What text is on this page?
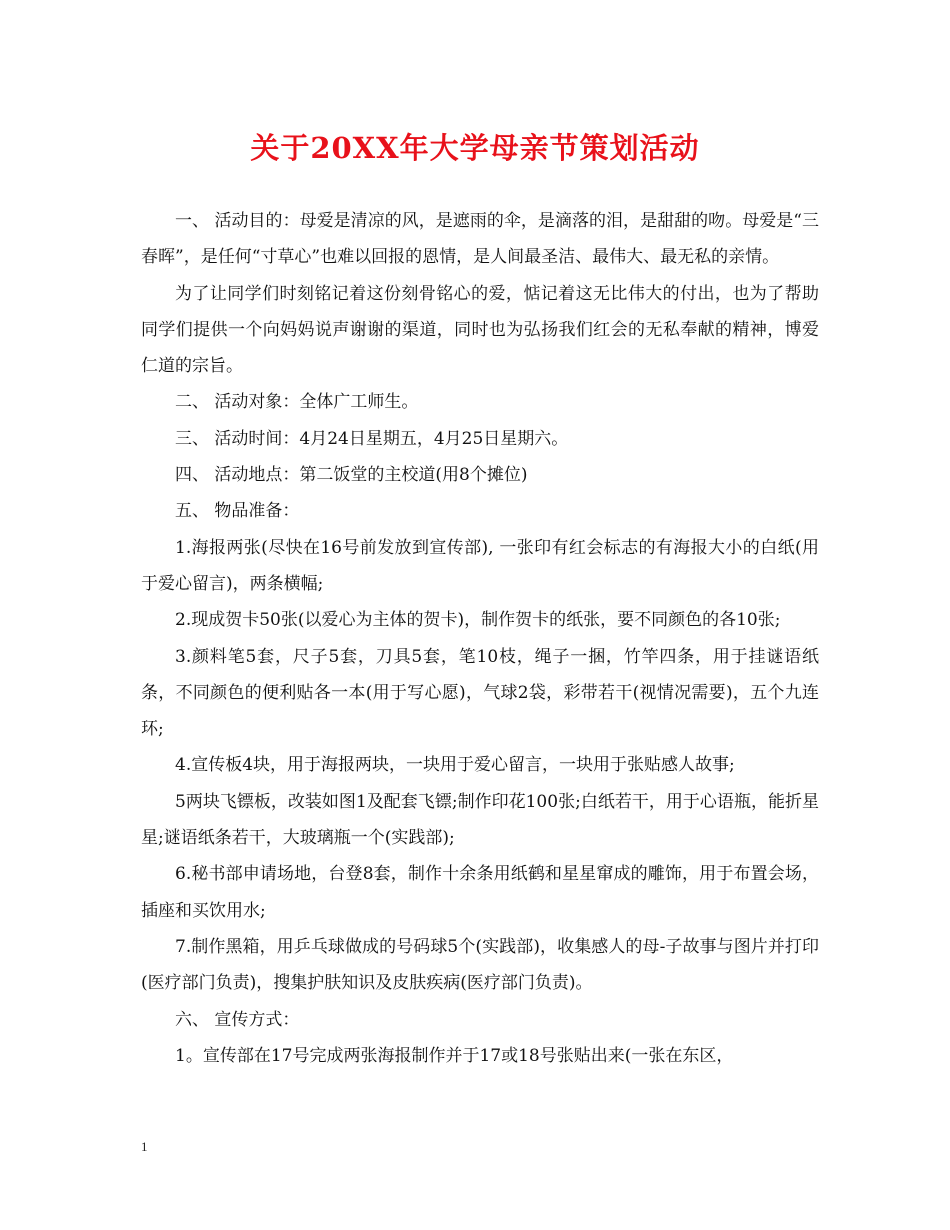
关于20XX年大学母亲节策划活动

一、 活动目的：母爱是清凉的风，是遮雨的伞，是滴落的泪，是甜甜的吻。母爱是“三春晖”，是任何“寸草心”也难以回报的恩情，是人间最圣洁、最伟大、最无私的亲情。

为了让同学们时刻铭记着这份刻骨铭心的爱，惦记着这无比伟大的付出，也为了帮助同学们提供一个向妈妈说声谢谢的渠道，同时也为弘扬我们红会的无私奉献的精神，博爱仁道的宗旨。

二、 活动对象：全体广工师生。

三、 活动时间：4月24日星期五，4月25日星期六。

四、 活动地点：第二饭堂的主校道(用8个摊位)

五、 物品准备：

1.海报两张(尽快在16号前发放到宣传部), 一张印有红会标志的有海报大小的白纸(用于爱心留言)，两条横幅;

2.现成贺卡50张(以爱心为主体的贺卡)，制作贺卡的纸张，要不同颜色的各10张;

3.颜料笔5套，尺子5套，刀具5套，笔10枝，绳子一捆，竹竿四条，用于挂谜语纸条，不同颜色的便利贴各一本(用于写心愿)，气球2袋，彩带若干(视情况需要)，五个九连环;

4.宣传板4块，用于海报两块，一块用于爱心留言，一块用于张贴感人故事;

5两块飞镖板，改装如图1及配套飞镖;制作印花100张;白纸若干，用于心语瓶，能折星星;谜语纸条若干，大玻璃瓶一个(实践部);

6.秘书部申请场地，台登8套，制作十余条用纸鹤和星星窜成的雕饰，用于布置会场，插座和买饮用水;

7.制作黑箱，用乒乓球做成的号码球5个(实践部)，收集感人的母-子故事与图片并打印(医疗部门负责)，搜集护肤知识及皮肤疾病(医疗部门负责)。

六、 宣传方式：

1。宣传部在17号完成两张海报制作并于17或18号张贴出来(一张在东区，

1
